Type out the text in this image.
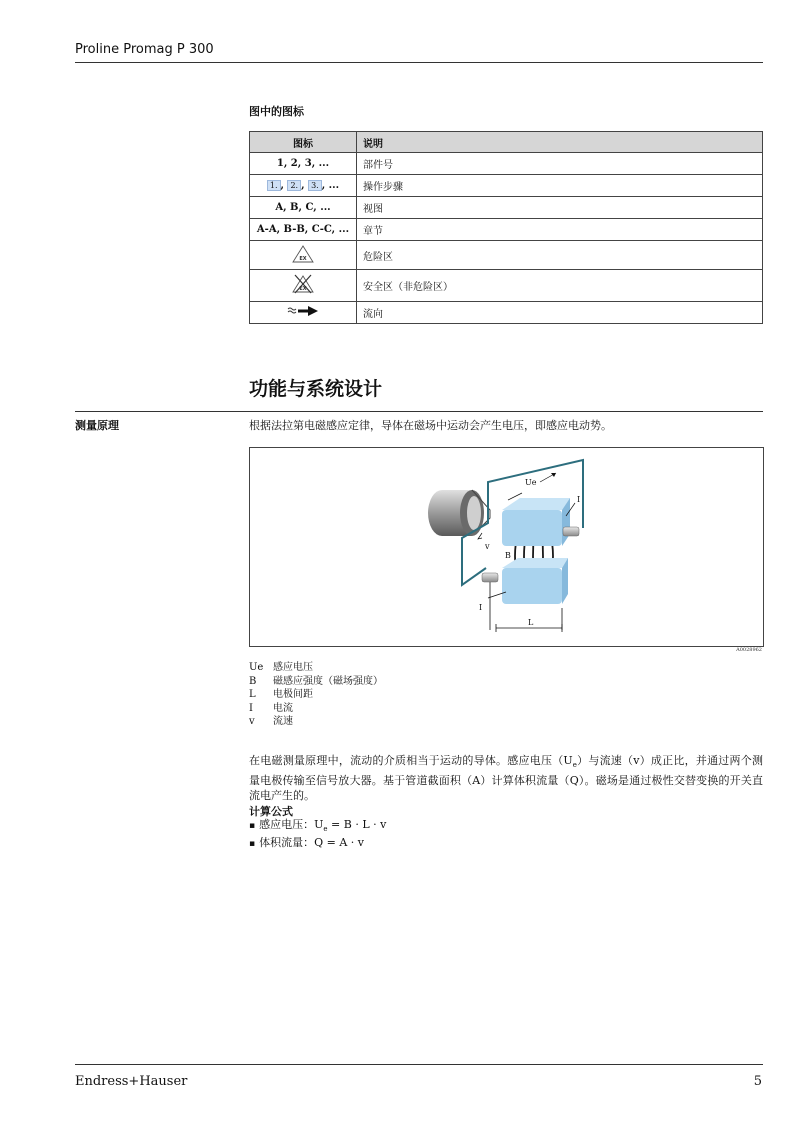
Proline Promag P 300
图中的图标
图标	说明
1, 2, 3, ...	部件号
1. , 2. , 3. , ...	操作步骤
A, B, C, ...	视图
A-A, B-B, C-C, ...	章节

EX	危险区

EX	安全区（非危险区）
	流向
功能与系统设计
测量原理	根据法拉第电磁感应定律，导体在磁场中运动会产生电压，即感应电动势。
Ue
B
v
I
I
L
A0028962
Ue 感应电压
B 磁感应强度（磁场强度）
L 电极间距
I 电流
v 流速
在电磁测量原理中，流动的介质相当于运动的导体。感应电压$(U_e)$与流速（v）成正比，并通过两个测量电极传输至信号放大器。基于管道截面积（A）计算体积流量（Q）。磁场是通过极性交替变换的开关直流电产生的。
计算公式
▪ 感应电压：$U_e = B \cdot L \cdot v$
▪ 体积流量：Q = A · v
Endress+Hauser	5
